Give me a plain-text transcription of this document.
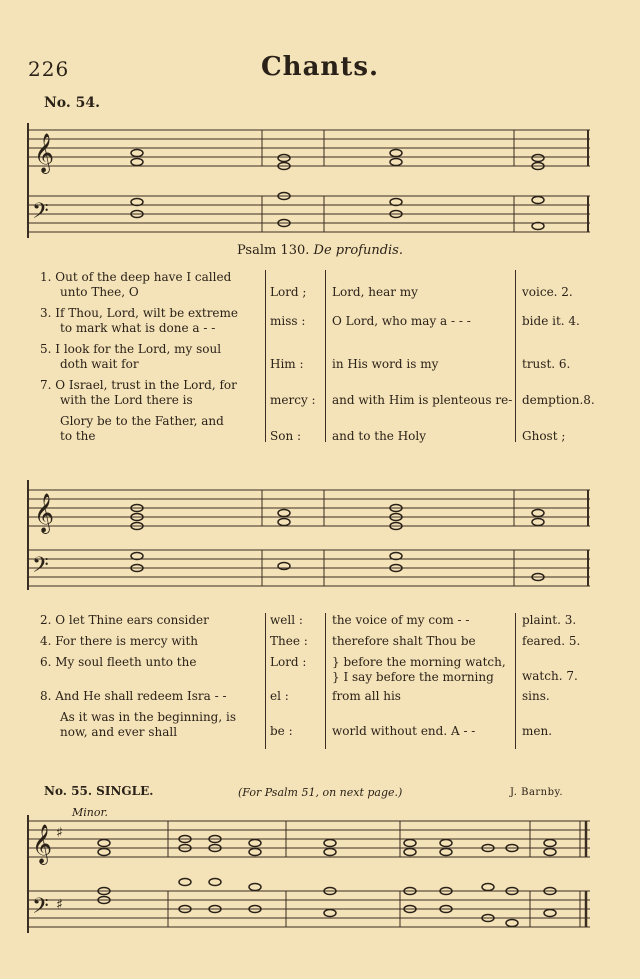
226	Chants.
No. 54.
𝄞
𝄢
Psalm 130. De profundis.
1. Out of the deep have I called
unto Thee, O	Lord ;	Lord, hear my	voice. 2.
3. If Thou, Lord, wilt be extreme
to mark what is done a - -	miss :	O Lord, who may a - - -	bide it. 4.
5. I look for the Lord, my soul
doth wait for	Him :	in His word is my	trust. 6.
7. O Israel, trust in the Lord, for
with the Lord there is	mercy :	and with Him is plenteous re- demption.8.
Glory be to the Father, and
to the	Son :	and to the Holy	Ghost ;
𝄞
𝄢
2. O let Thine ears consider	well :	the voice of my com - -	plaint. 3.
4. For there is mercy with	Thee :	therefore shalt Thou be	feared. 5.
6. My soul fleeth unto the	Lord :	} before the morning watch,
} I say before the morning	watch. 7.
8. And He shall redeem Isra - -	el :	from all his	sins.
As it was in the beginning, is
now, and ever shall	be :	world without end. A - -	men.
No. 55. SINGLE.	(For Psalm 51, on next page.)	J. Barnby.
Minor.
𝄞 ♯
𝄢 ♯
